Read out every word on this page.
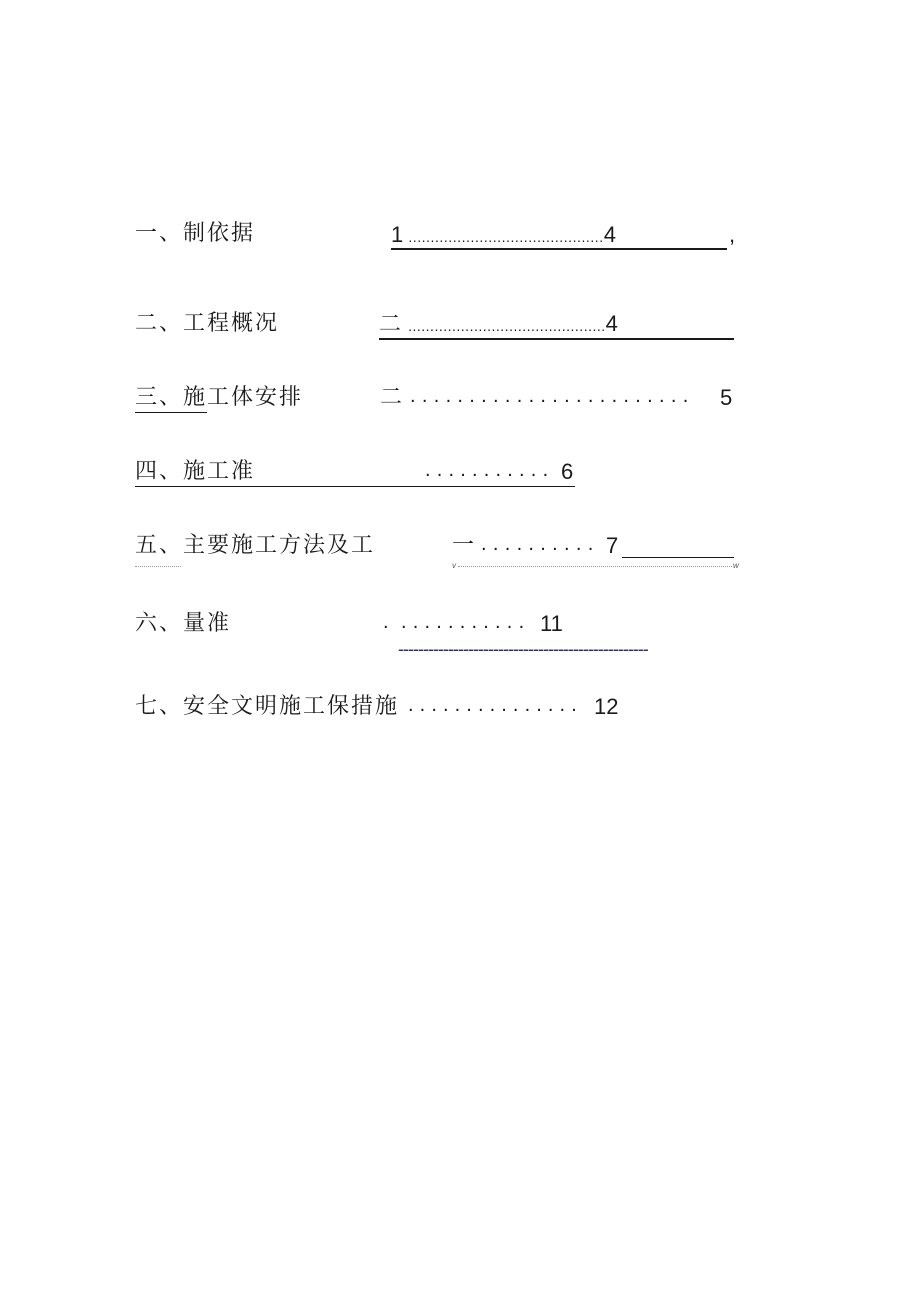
一、制依据	1 ............................................4	,
二、工程概况	二 .............................................4
三、施工体安排	二 ........................ 5
四、施工准	........... 6
五、主要施工方法及工	一 .......... 7
v	w
六、量准	. ........... 11
--------------------------------------------------
七、安全文明施工保措施 ............... 12
